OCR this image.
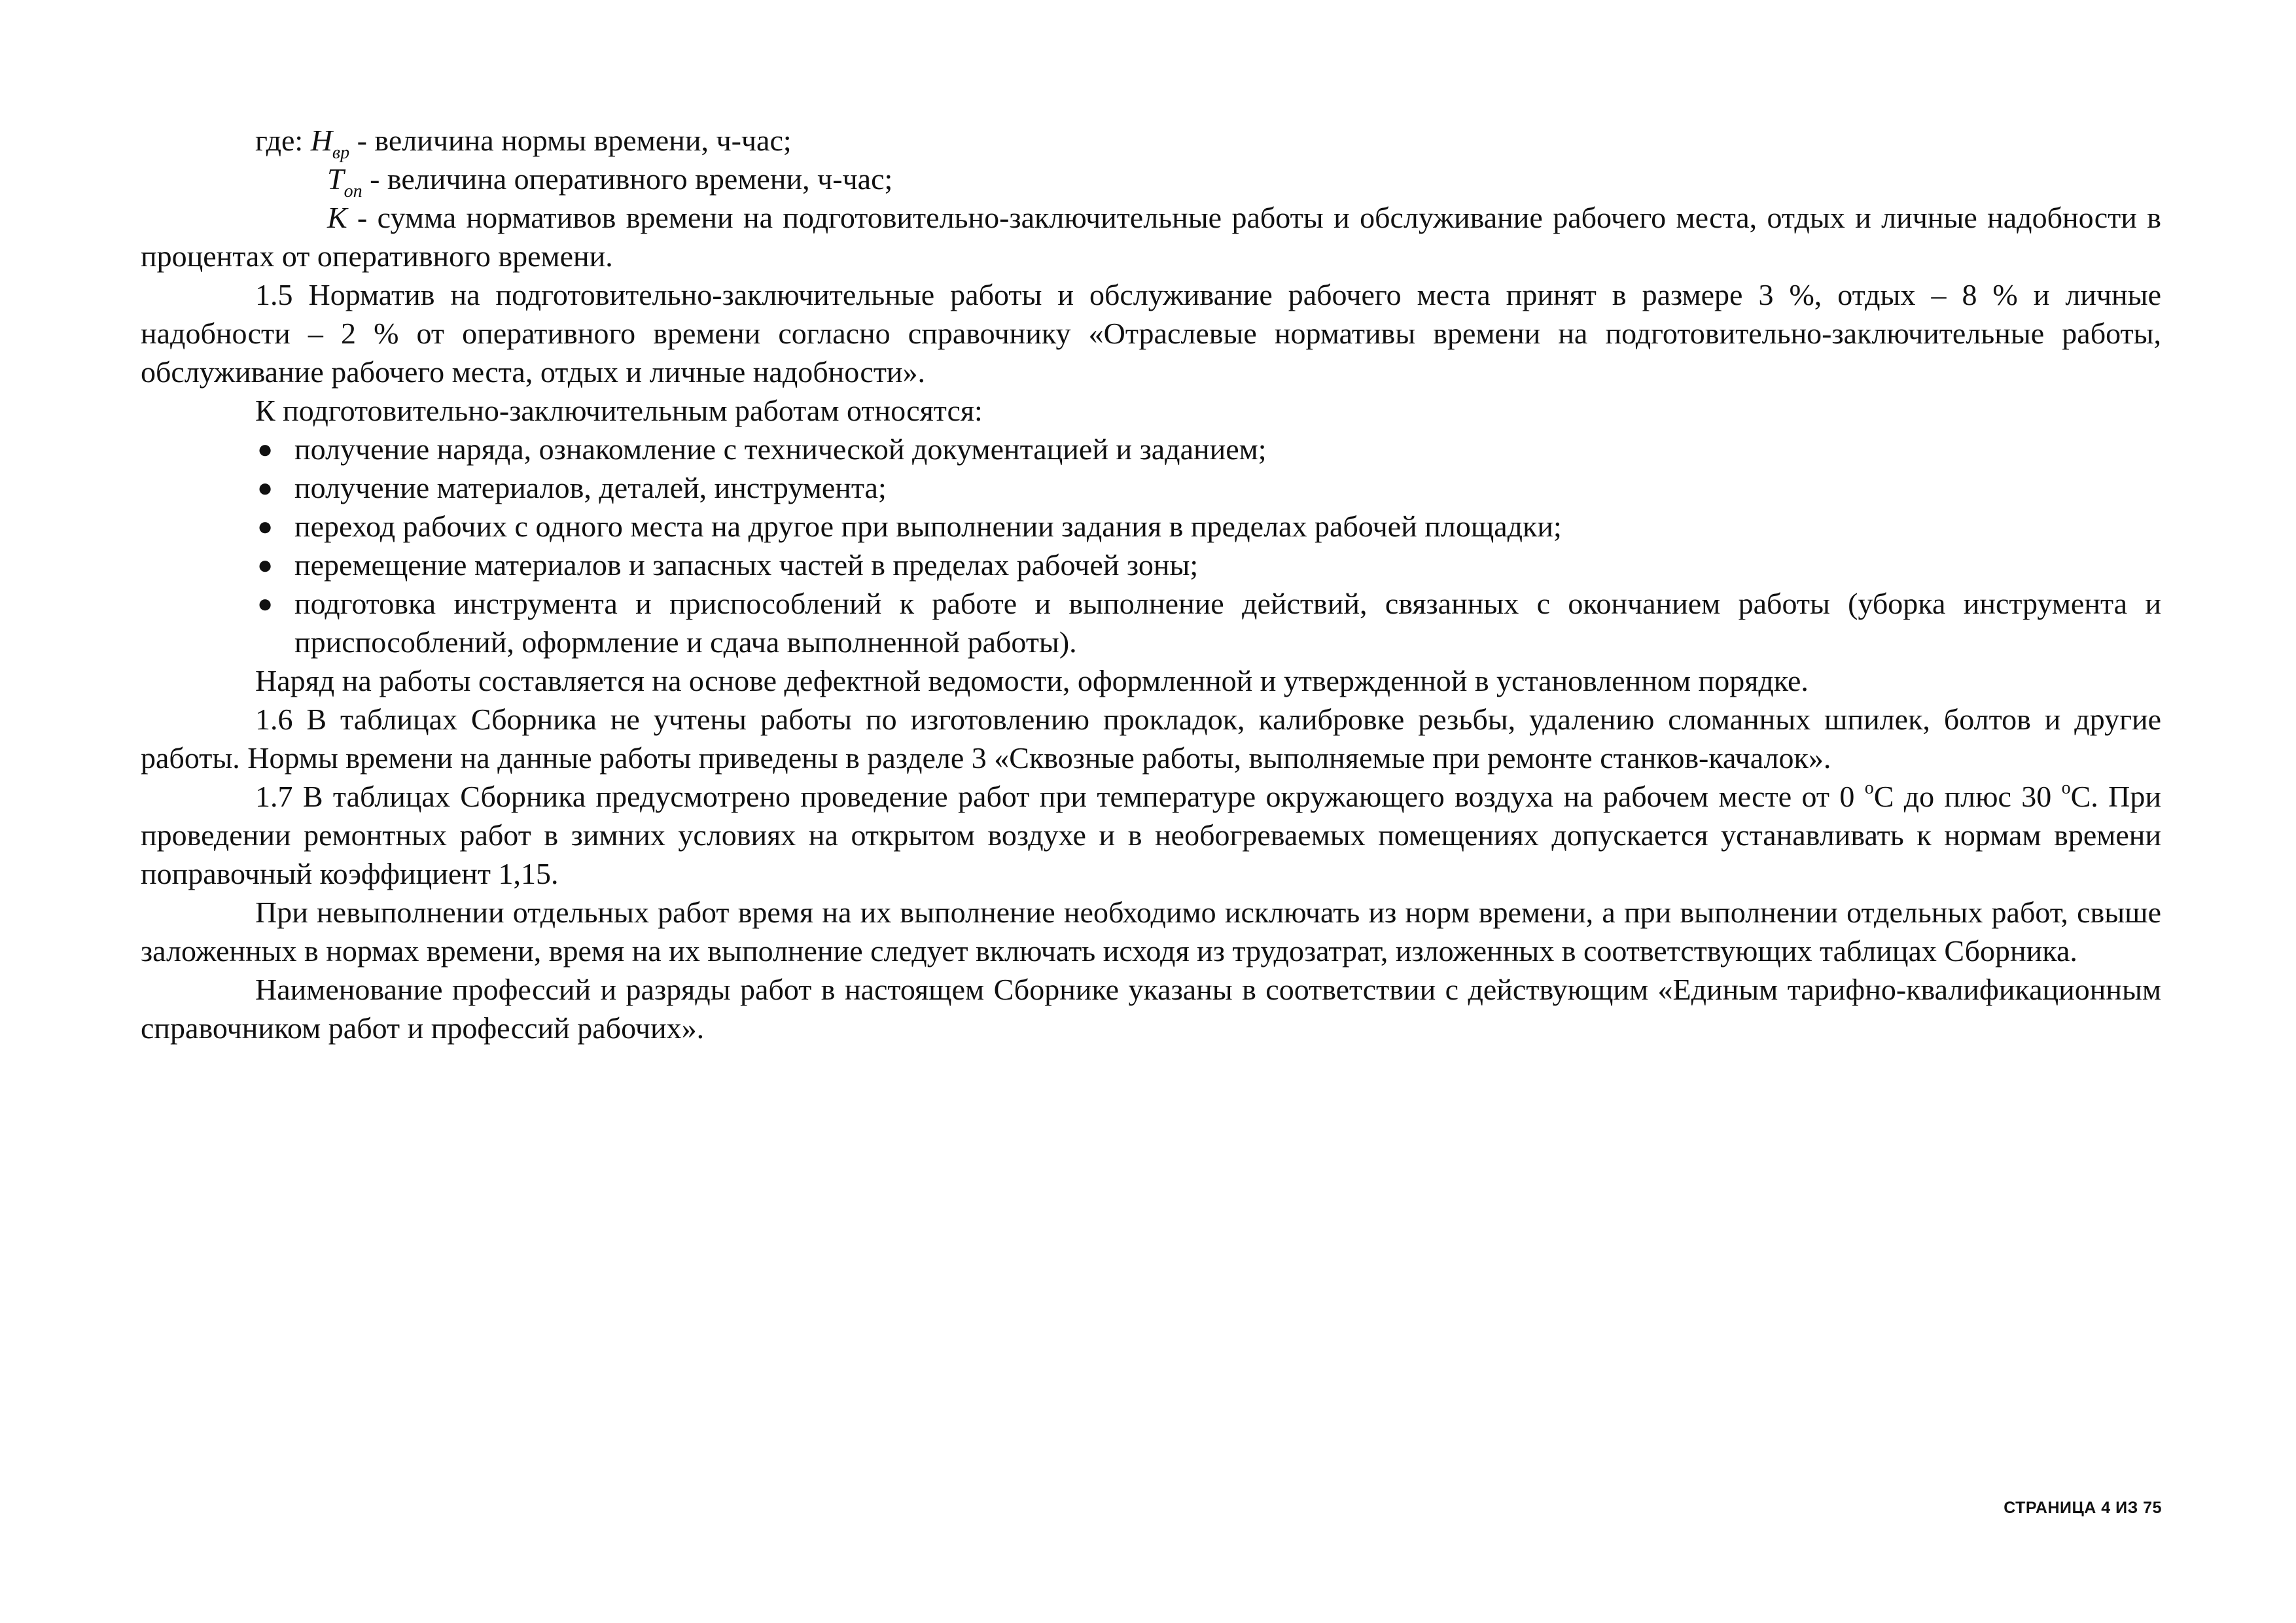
где: $Н_{вр}$ - величина нормы времени, ч-час;
$Т_{оп}$ - величина оперативного времени, ч-час;

К - сумма нормативов времени на подготовительно-заключительные работы и обслуживание рабочего места, отдых и личные надобности в процентах от оперативного времени.

1.5 Норматив на подготовительно-заключительные работы и обслуживание рабочего места принят в размере 3 %, отдых – 8 % и личные надобности – 2 % от оперативного времени согласно справочнику «Отраслевые нормативы времени на подготовительно-заключительные работы, обслуживание рабочего места, отдых и личные надобности».

К подготовительно-заключительным работам относятся:

● получение наряда, ознакомление с технической документацией и заданием;
● получение материалов, деталей, инструмента;
● переход рабочих с одного места на другое при выполнении задания в пределах рабочей площадки;
● перемещение материалов и запасных частей в пределах рабочей зоны;
● подготовка инструмента и приспособлений к работе и выполнение действий, связанных с окончанием работы (уборка инструмента и приспособлений, оформление и сдача выполненной работы).

Наряд на работы составляется на основе дефектной ведомости, оформленной и утвержденной в установленном порядке.

1.6 В таблицах Сборника не учтены работы по изготовлению прокладок, калибровке резьбы, удалению сломанных шпилек, болтов и другие работы. Нормы времени на данные работы приведены в разделе 3 «Сквозные работы, выполняемые при ремонте станков-качалок».

1.7 В таблицах Сборника предусмотрено проведение работ при температуре окружающего воздуха на рабочем месте от 0 $^о$С до плюс 30 $^о$С. При проведении ремонтных работ в зимних условиях на открытом воздухе и в необогреваемых помещениях допускается устанавливать к нормам времени поправочный коэффициент 1,15.

При невыполнении отдельных работ время на их выполнение необходимо исключать из норм времени, а при выполнении отдельных работ, свыше заложенных в нормах времени, время на их выполнение следует включать исходя из трудозатрат, изложенных в соответствующих таблицах Сборника.

Наименование профессий и разряды работ в настоящем Сборнике указаны в соответствии с действующим «Единым тарифно-квалификационным справочником работ и профессий рабочих».

СТРАНИЦА 4 ИЗ 75
